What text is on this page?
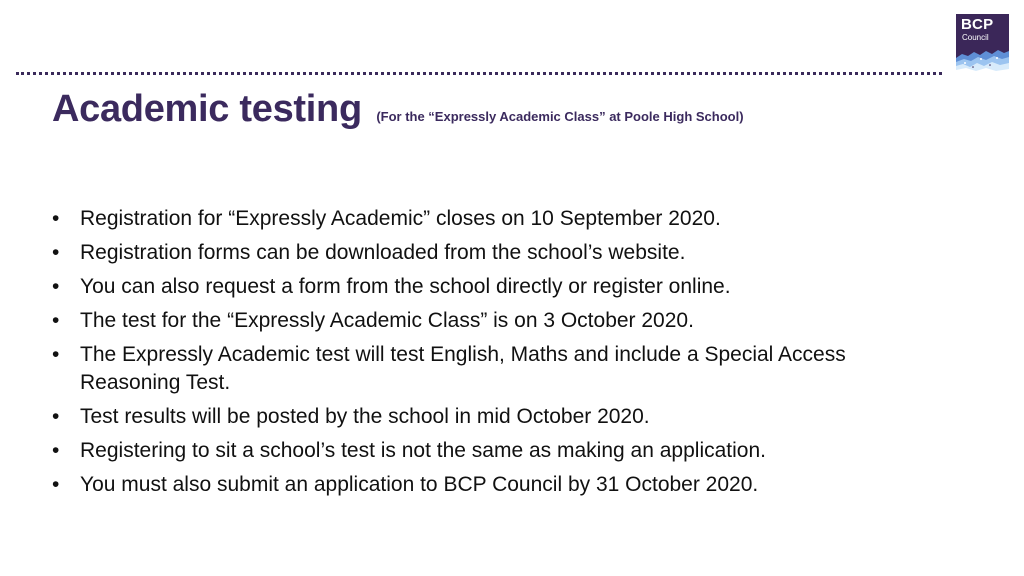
BCP
Council
Academic testing (For the “Expressly Academic Class” at Poole High School)
• Registration for “Expressly Academic” closes on 10 September 2020.
• Registration forms can be downloaded from the school’s website.
• You can also request a form from the school directly or register online.
• The test for the “Expressly Academic Class” is on 3 October 2020.
• The Expressly Academic test will test English, Maths and include a Special Access Reasoning Test.
• Test results will be posted by the school in mid October 2020.
• Registering to sit a school’s test is not the same as making an application.
• You must also submit an application to BCP Council by 31 October 2020.
